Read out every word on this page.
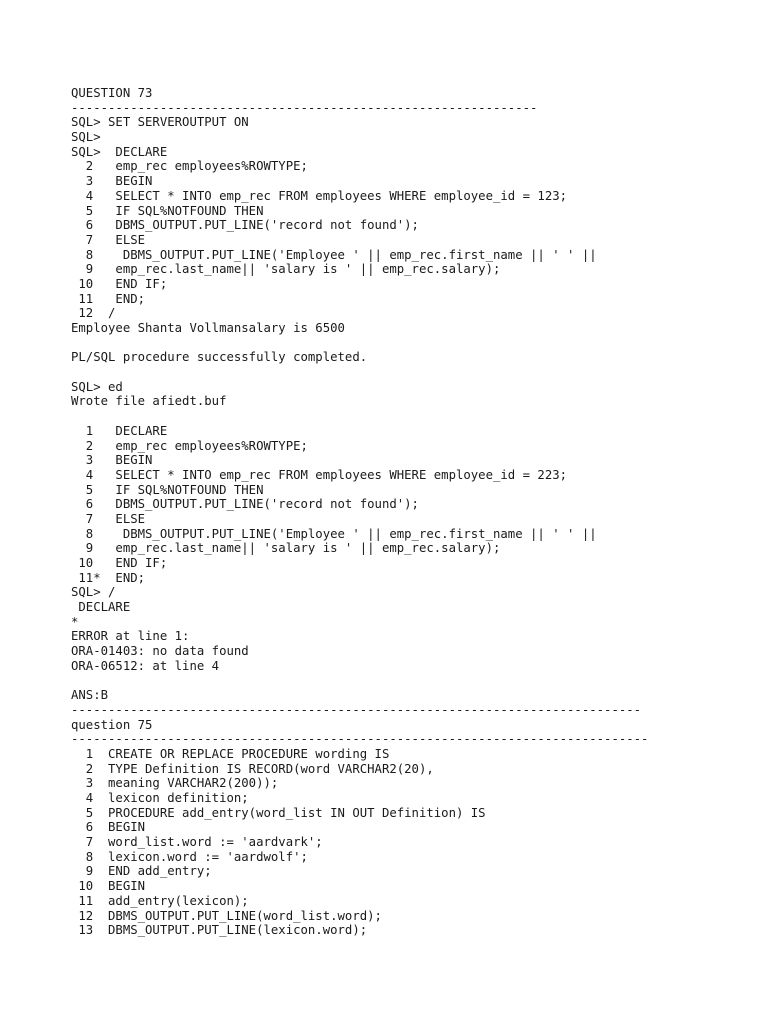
QUESTION 73
---------------------------------------------------------------
SQL> SET SERVEROUTPUT ON
SQL>
SQL>  DECLARE
2   emp_rec employees%ROWTYPE;
3   BEGIN
4   SELECT * INTO emp_rec FROM employees WHERE employee_id = 123;
5   IF SQL%NOTFOUND THEN
6   DBMS_OUTPUT.PUT_LINE('record not found');
7   ELSE
8    DBMS_OUTPUT.PUT_LINE('Employee ' || emp_rec.first_name || ' ' ||
9   emp_rec.last_name|| 'salary is ' || emp_rec.salary);
10   END IF;
11   END;
12  /
Employee Shanta Vollmansalary is 6500
PL/SQL procedure successfully completed.
SQL> ed
Wrote file afiedt.buf
1   DECLARE
2   emp_rec employees%ROWTYPE;
3   BEGIN
4   SELECT * INTO emp_rec FROM employees WHERE employee_id = 223;
5   IF SQL%NOTFOUND THEN
6   DBMS_OUTPUT.PUT_LINE('record not found');
7   ELSE
8    DBMS_OUTPUT.PUT_LINE('Employee ' || emp_rec.first_name || ' ' ||
9   emp_rec.last_name|| 'salary is ' || emp_rec.salary);
10   END IF;
11*  END;
SQL> /
DECLARE
*
ERROR at line 1:
ORA-01403: no data found
ORA-06512: at line 4
ANS:B
-----------------------------------------------------------------------------
question 75
------------------------------------------------------------------------------
1  CREATE OR REPLACE PROCEDURE wording IS
2  TYPE Definition IS RECORD(word VARCHAR2(20),
3  meaning VARCHAR2(200));
4  lexicon definition;
5  PROCEDURE add_entry(word_list IN OUT Definition) IS
6  BEGIN
7  word_list.word := 'aardvark';
8  lexicon.word := 'aardwolf';
9  END add_entry;
10  BEGIN
11  add_entry(lexicon);
12  DBMS_OUTPUT.PUT_LINE(word_list.word);
13  DBMS_OUTPUT.PUT_LINE(lexicon.word);
